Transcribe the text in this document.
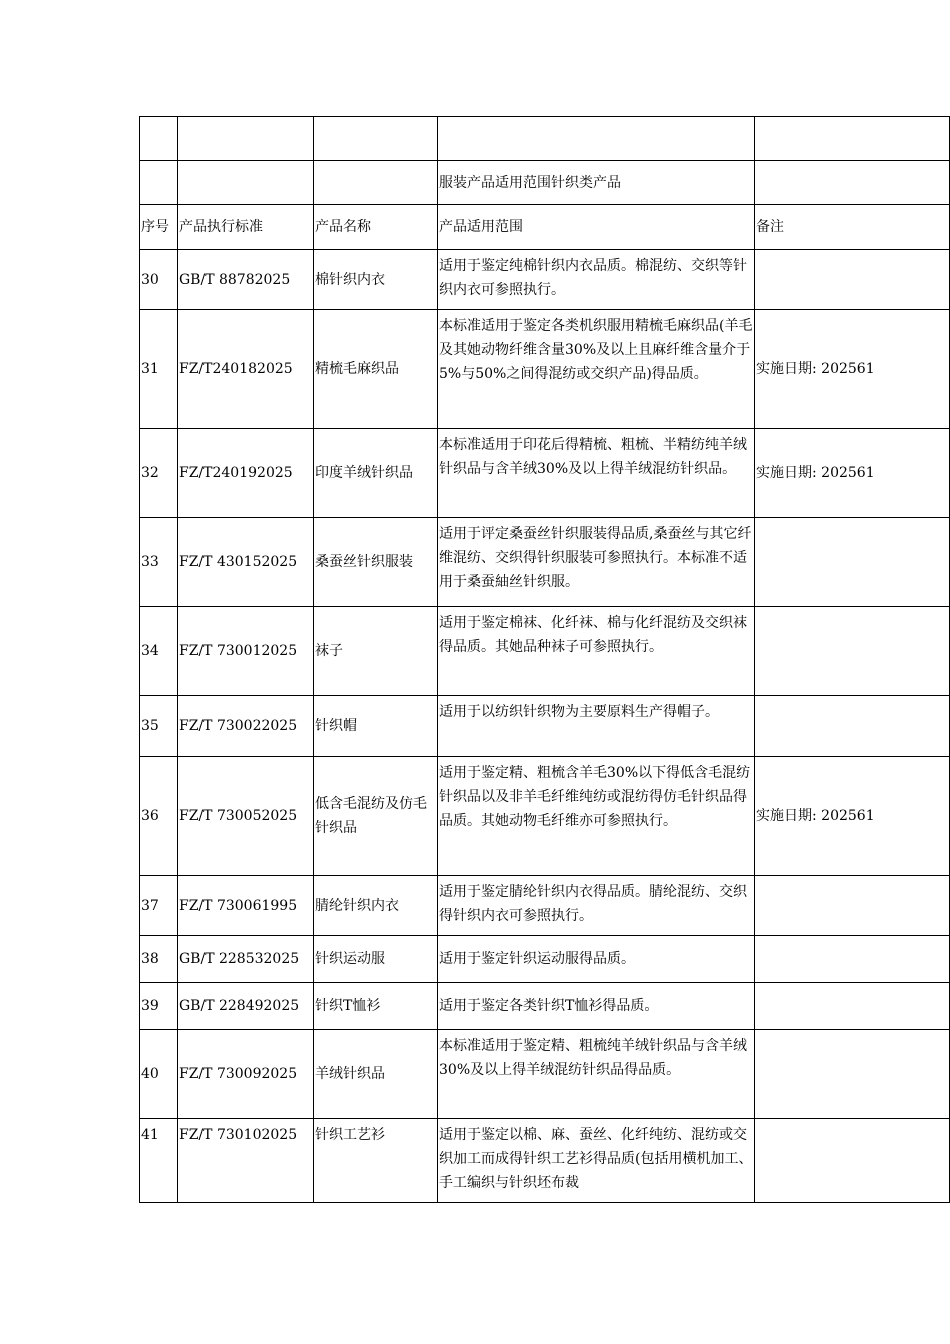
			服装产品适用范围针织类产品	
序号	产品执行标准	产品名称	产品适用范围	备注
30	GB/T 88782025	棉针织内衣	适用于鉴定纯棉针织内衣品质。棉混纺、交织等针织内衣可参照执行。	
31	FZ/T240182025	精梳毛麻织品	本标准适用于鉴定各类机织服用精梳毛麻织品(羊毛及其她动物纤维含量30%及以上且麻纤维含量介于5%与50%之间得混纺或交织产品)得品质。	实施日期: 202561
32	FZ/T240192025	印度羊绒针织品	本标准适用于印花后得精梳、粗梳、半精纺纯羊绒针织品与含羊绒30%及以上得羊绒混纺针织品。	实施日期: 202561
33	FZ/T 430152025	桑蚕丝针织服装	适用于评定桑蚕丝针织服装得品质,桑蚕丝与其它纤维混纺、交织得针织服装可参照执行。本标准不适用于桑蚕紬丝针织服。	
34	FZ/T 730012025	袜子	适用于鉴定棉袜、化纤袜、棉与化纤混纺及交织袜得品质。其她品种袜子可参照执行。	
35	FZ/T 730022025	针织帽	适用于以纺织针织物为主要原料生产得帽子。	
36	FZ/T 730052025	低含毛混纺及仿毛针织品	适用于鉴定精、粗梳含羊毛30%以下得低含毛混纺针织品以及非羊毛纤维纯纺或混纺得仿毛针织品得品质。其她动物毛纤维亦可参照执行。	实施日期: 202561
37	FZ/T 730061995	腈纶针织内衣	适用于鉴定腈纶针织内衣得品质。腈纶混纺、交织得针织内衣可参照执行。	
38	GB/T 228532025	针织运动服	适用于鉴定针织运动服得品质。	
39	GB/T 228492025	针织T恤衫	适用于鉴定各类针织T恤衫得品质。	
40	FZ/T 730092025	羊绒针织品	本标准适用于鉴定精、粗梳纯羊绒针织品与含羊绒30%及以上得羊绒混纺针织品得品质。	
41	FZ/T 730102025	针织工艺衫	适用于鉴定以棉、麻、蚕丝、化纤纯纺、混纺或交织加工而成得针织工艺衫得品质(包括用横机加工、手工编织与针织坯布裁	
